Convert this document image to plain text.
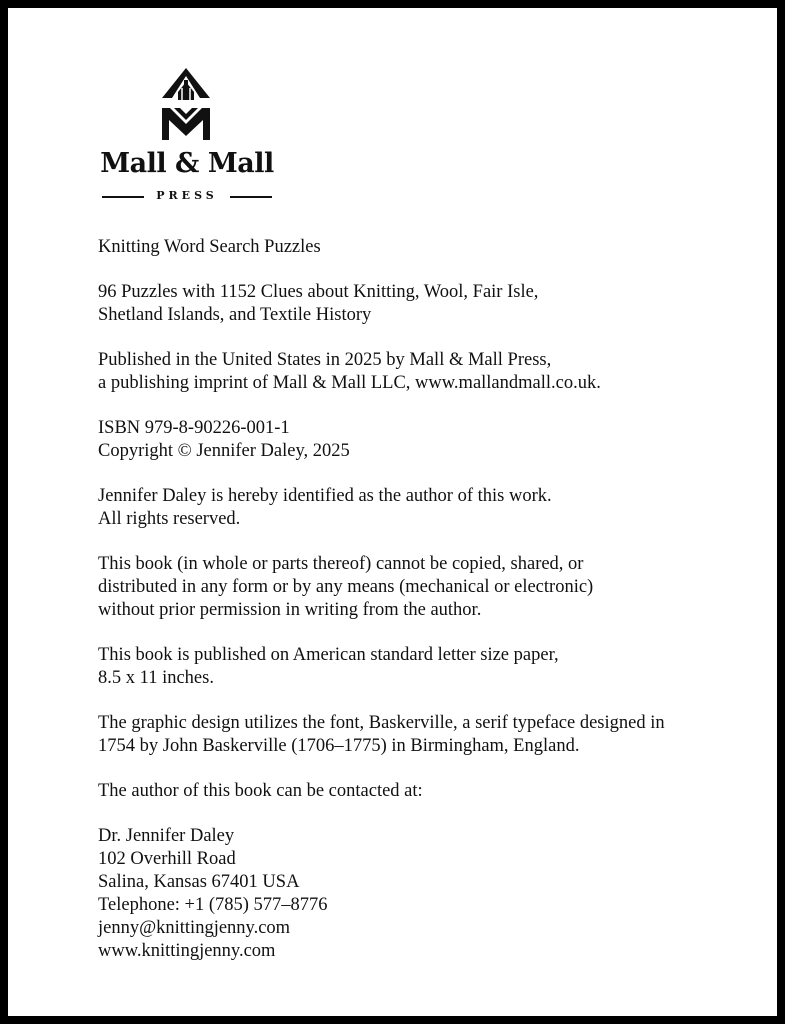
Mall & Mall
PRESS
Knitting Word Search Puzzles
96 Puzzles with 1152 Clues about Knitting, Wool, Fair Isle,
Shetland Islands, and Textile History
Published in the United States in 2025 by Mall & Mall Press,
a publishing imprint of Mall & Mall LLC, www.mallandmall.co.uk.
ISBN 979-8-90226-001-1
Copyright © Jennifer Daley, 2025
Jennifer Daley is hereby identified as the author of this work.
All rights reserved.
This book (in whole or parts thereof) cannot be copied, shared, or
distributed in any form or by any means (mechanical or electronic)
without prior permission in writing from the author.
This book is published on American standard letter size paper,
8.5 x 11 inches.
The graphic design utilizes the font, Baskerville, a serif typeface designed in
1754 by John Baskerville (1706–1775) in Birmingham, England.
The author of this book can be contacted at:
Dr. Jennifer Daley
102 Overhill Road
Salina, Kansas 67401 USA
Telephone: +1 (785) 577–8776
jenny@knittingjenny.com
www.knittingjenny.com
